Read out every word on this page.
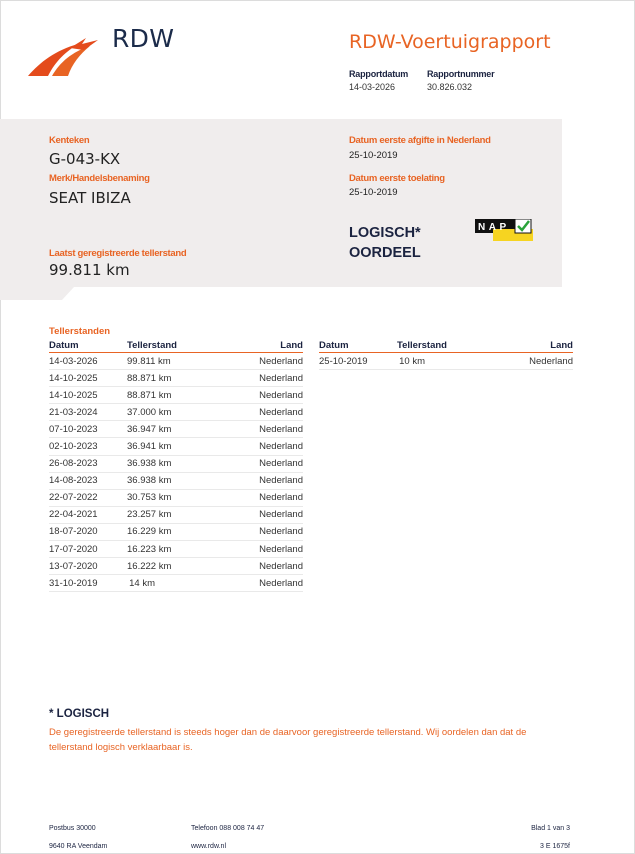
RDW	RDW-Voertuigrapport
Rapportdatum
14-03-2026
Rapportnummer
30.826.032
Kenteken
G-043-KX
Merk/Handelsbenaming
SEAT IBIZA
Laatst geregistreerde tellerstand
99.811 km
Datum eerste afgifte in Nederland
25-10-2019
Datum eerste toelating
25-10-2019
LOGISCH*
OORDEEL
NAP
Tellerstanden
Datum	Tellerstand	Land
14-03-2026	99.811 km	Nederland
14-10-2025	88.871 km	Nederland
14-10-2025	88.871 km	Nederland
21-03-2024	37.000 km	Nederland
07-10-2023	36.947 km	Nederland
02-10-2023	36.941 km	Nederland
26-08-2023	36.938 km	Nederland
14-08-2023	36.938 km	Nederland
22-07-2022	30.753 km	Nederland
22-04-2021	23.257 km	Nederland
18-07-2020	16.229 km	Nederland
17-07-2020	16.223 km	Nederland
13-07-2020	16.222 km	Nederland
31-10-2019	14 km	Nederland
Datum	Tellerstand	Land
25-10-2019	10 km	Nederland
* LOGISCH
De geregistreerde tellerstand is steeds hoger dan de daarvoor geregistreerde tellerstand. Wij oordelen dan dat de tellerstand logisch verklaarbaar is.
Postbus 30000
9640 RA Veendam
Telefoon 088 008 74 47
www.rdw.nl
Blad 1 van 3
3 E 1675f
